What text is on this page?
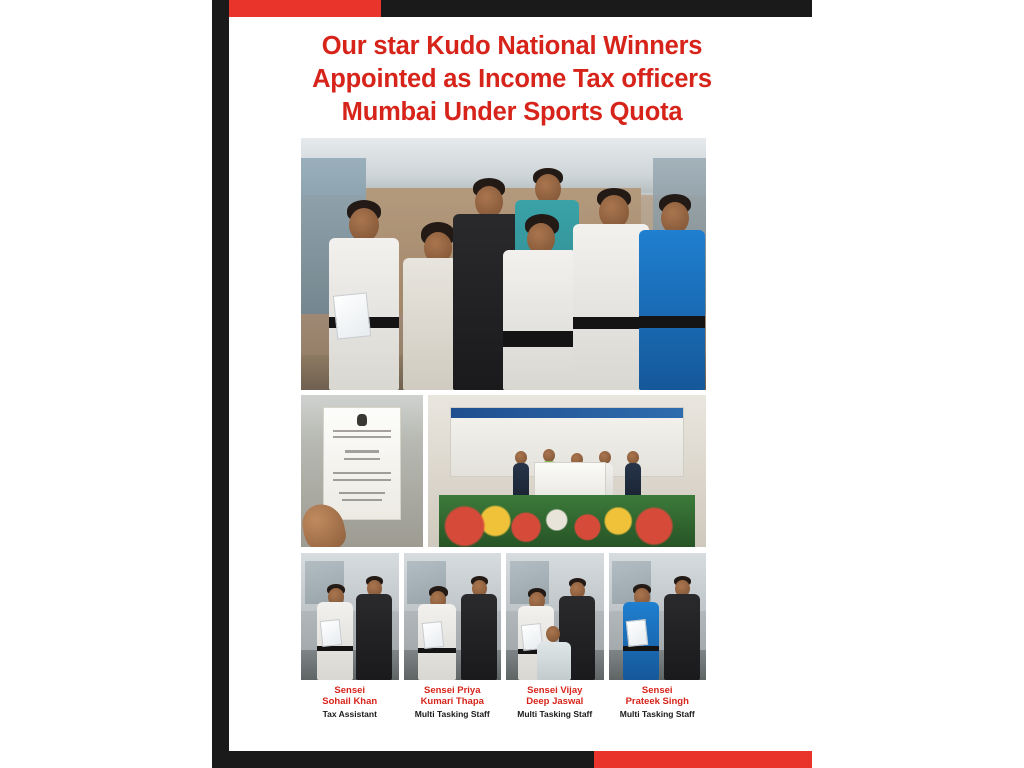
Our star Kudo National Winners
Appointed as Income Tax officers
Mumbai Under Sports Quota
Sensei
Sohail Khan
Tax Assistant
Sensei Priya
Kumari Thapa
Multi Tasking Staff
Sensei Vijay
Deep Jaswal
Multi Tasking Staff
Sensei
Prateek Singh
Multi Tasking Staff
